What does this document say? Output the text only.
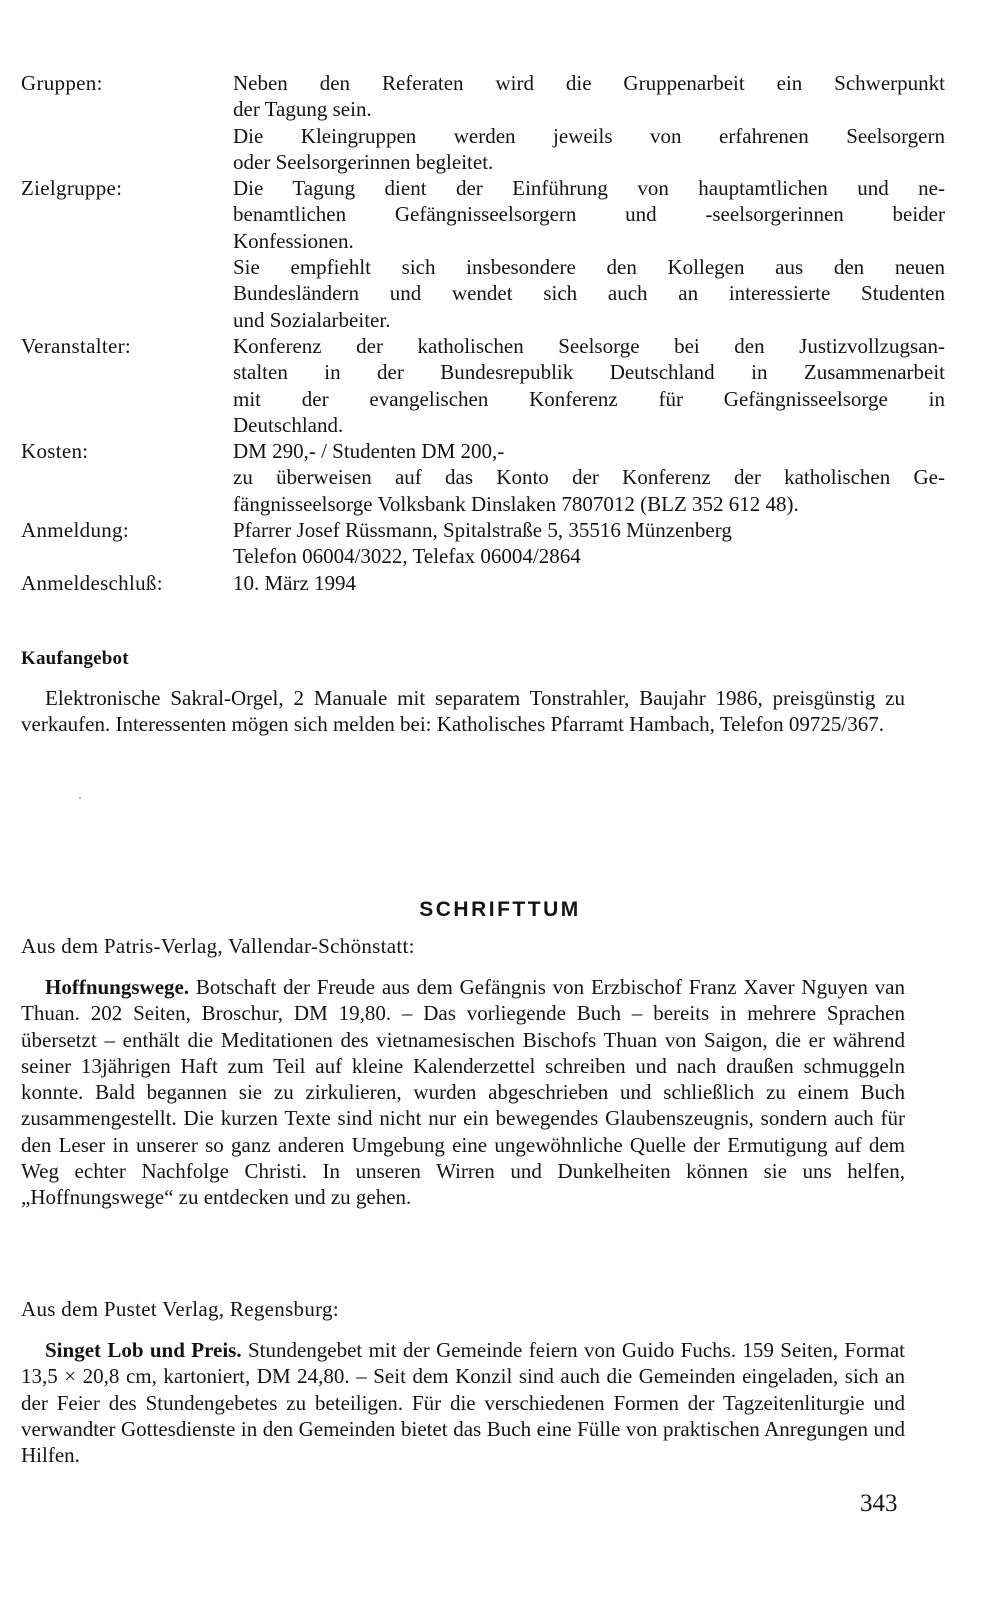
Gruppen:	Neben den Referaten wird die Gruppenarbeit ein Schwerpunkt

der Tagung sein.

Die Kleingruppen werden jeweils von erfahrenen Seelsorgern

oder Seelsorgerinnen begleitet.

Zielgruppe:	Die Tagung dient der Einführung von hauptamtlichen und ne-

benamtlichen Gefängnisseelsorgern und -seelsorgerinnen beider

Konfessionen.

Sie empfiehlt sich insbesondere den Kollegen aus den neuen

Bundesländern und wendet sich auch an interessierte Studenten

und Sozialarbeiter.

Veranstalter:	Konferenz der katholischen Seelsorge bei den Justizvollzugsan-

stalten in der Bundesrepublik Deutschland in Zusammenarbeit

mit der evangelischen Konferenz für Gefängnisseelsorge in

Deutschland.

Kosten:	DM 290,- / Studenten DM 200,-

zu überweisen auf das Konto der Konferenz der katholischen Ge-

fängnisseelsorge Volksbank Dinslaken 7807012 (BLZ 352 612 48).

Anmeldung:	Pfarrer Josef Rüssmann, Spitalstraße 5, 35516 Münzenberg

Telefon 06004/3022, Telefax 06004/2864

Anmeldeschluß:	10. März 1994

Kaufangebot

Elektronische Sakral-Orgel, 2 Manuale mit separatem Tonstrahler, Baujahr 1986, preisgünstig zu verkaufen. Interessenten mögen sich melden bei: Katholisches Pfarramt Hambach, Telefon 09725/367.

SCHRIFTTUM
Aus dem Patris-Verlag, Vallendar-Schönstatt:

Hoffnungswege. Botschaft der Freude aus dem Gefängnis von Erzbischof Franz Xaver Nguyen van Thuan. 202 Seiten, Broschur, DM 19,80. – Das vorliegende Buch – bereits in mehrere Sprachen übersetzt – enthält die Meditationen des vietnamesischen Bischofs Thuan von Saigon, die er während seiner 13jährigen Haft zum Teil auf kleine Kalenderzettel schreiben und nach draußen schmuggeln konnte. Bald begannen sie zu zirkulieren, wurden abgeschrieben und schließlich zu einem Buch zusammengestellt. Die kurzen Texte sind nicht nur ein bewegendes Glaubenszeugnis, sondern auch für den Leser in unserer so ganz anderen Umgebung eine ungewöhnliche Quelle der Ermutigung auf dem Weg echter Nachfolge Christi. In unseren Wirren und Dunkelheiten können sie uns helfen, „Hoffnungswege“ zu entdecken und zu gehen.

Aus dem Pustet Verlag, Regensburg:

Singet Lob und Preis. Stundengebet mit der Gemeinde feiern von Guido Fuchs. 159 Seiten, Format 13,5 × 20,8 cm, kartoniert, DM 24,80. – Seit dem Konzil sind auch die Gemeinden eingeladen, sich an der Feier des Stundengebetes zu beteiligen. Für die verschiedenen Formen der Tagzeitenliturgie und verwandter Gottesdienste in den Gemeinden bietet das Buch eine Fülle von praktischen Anregungen und Hilfen.

343
